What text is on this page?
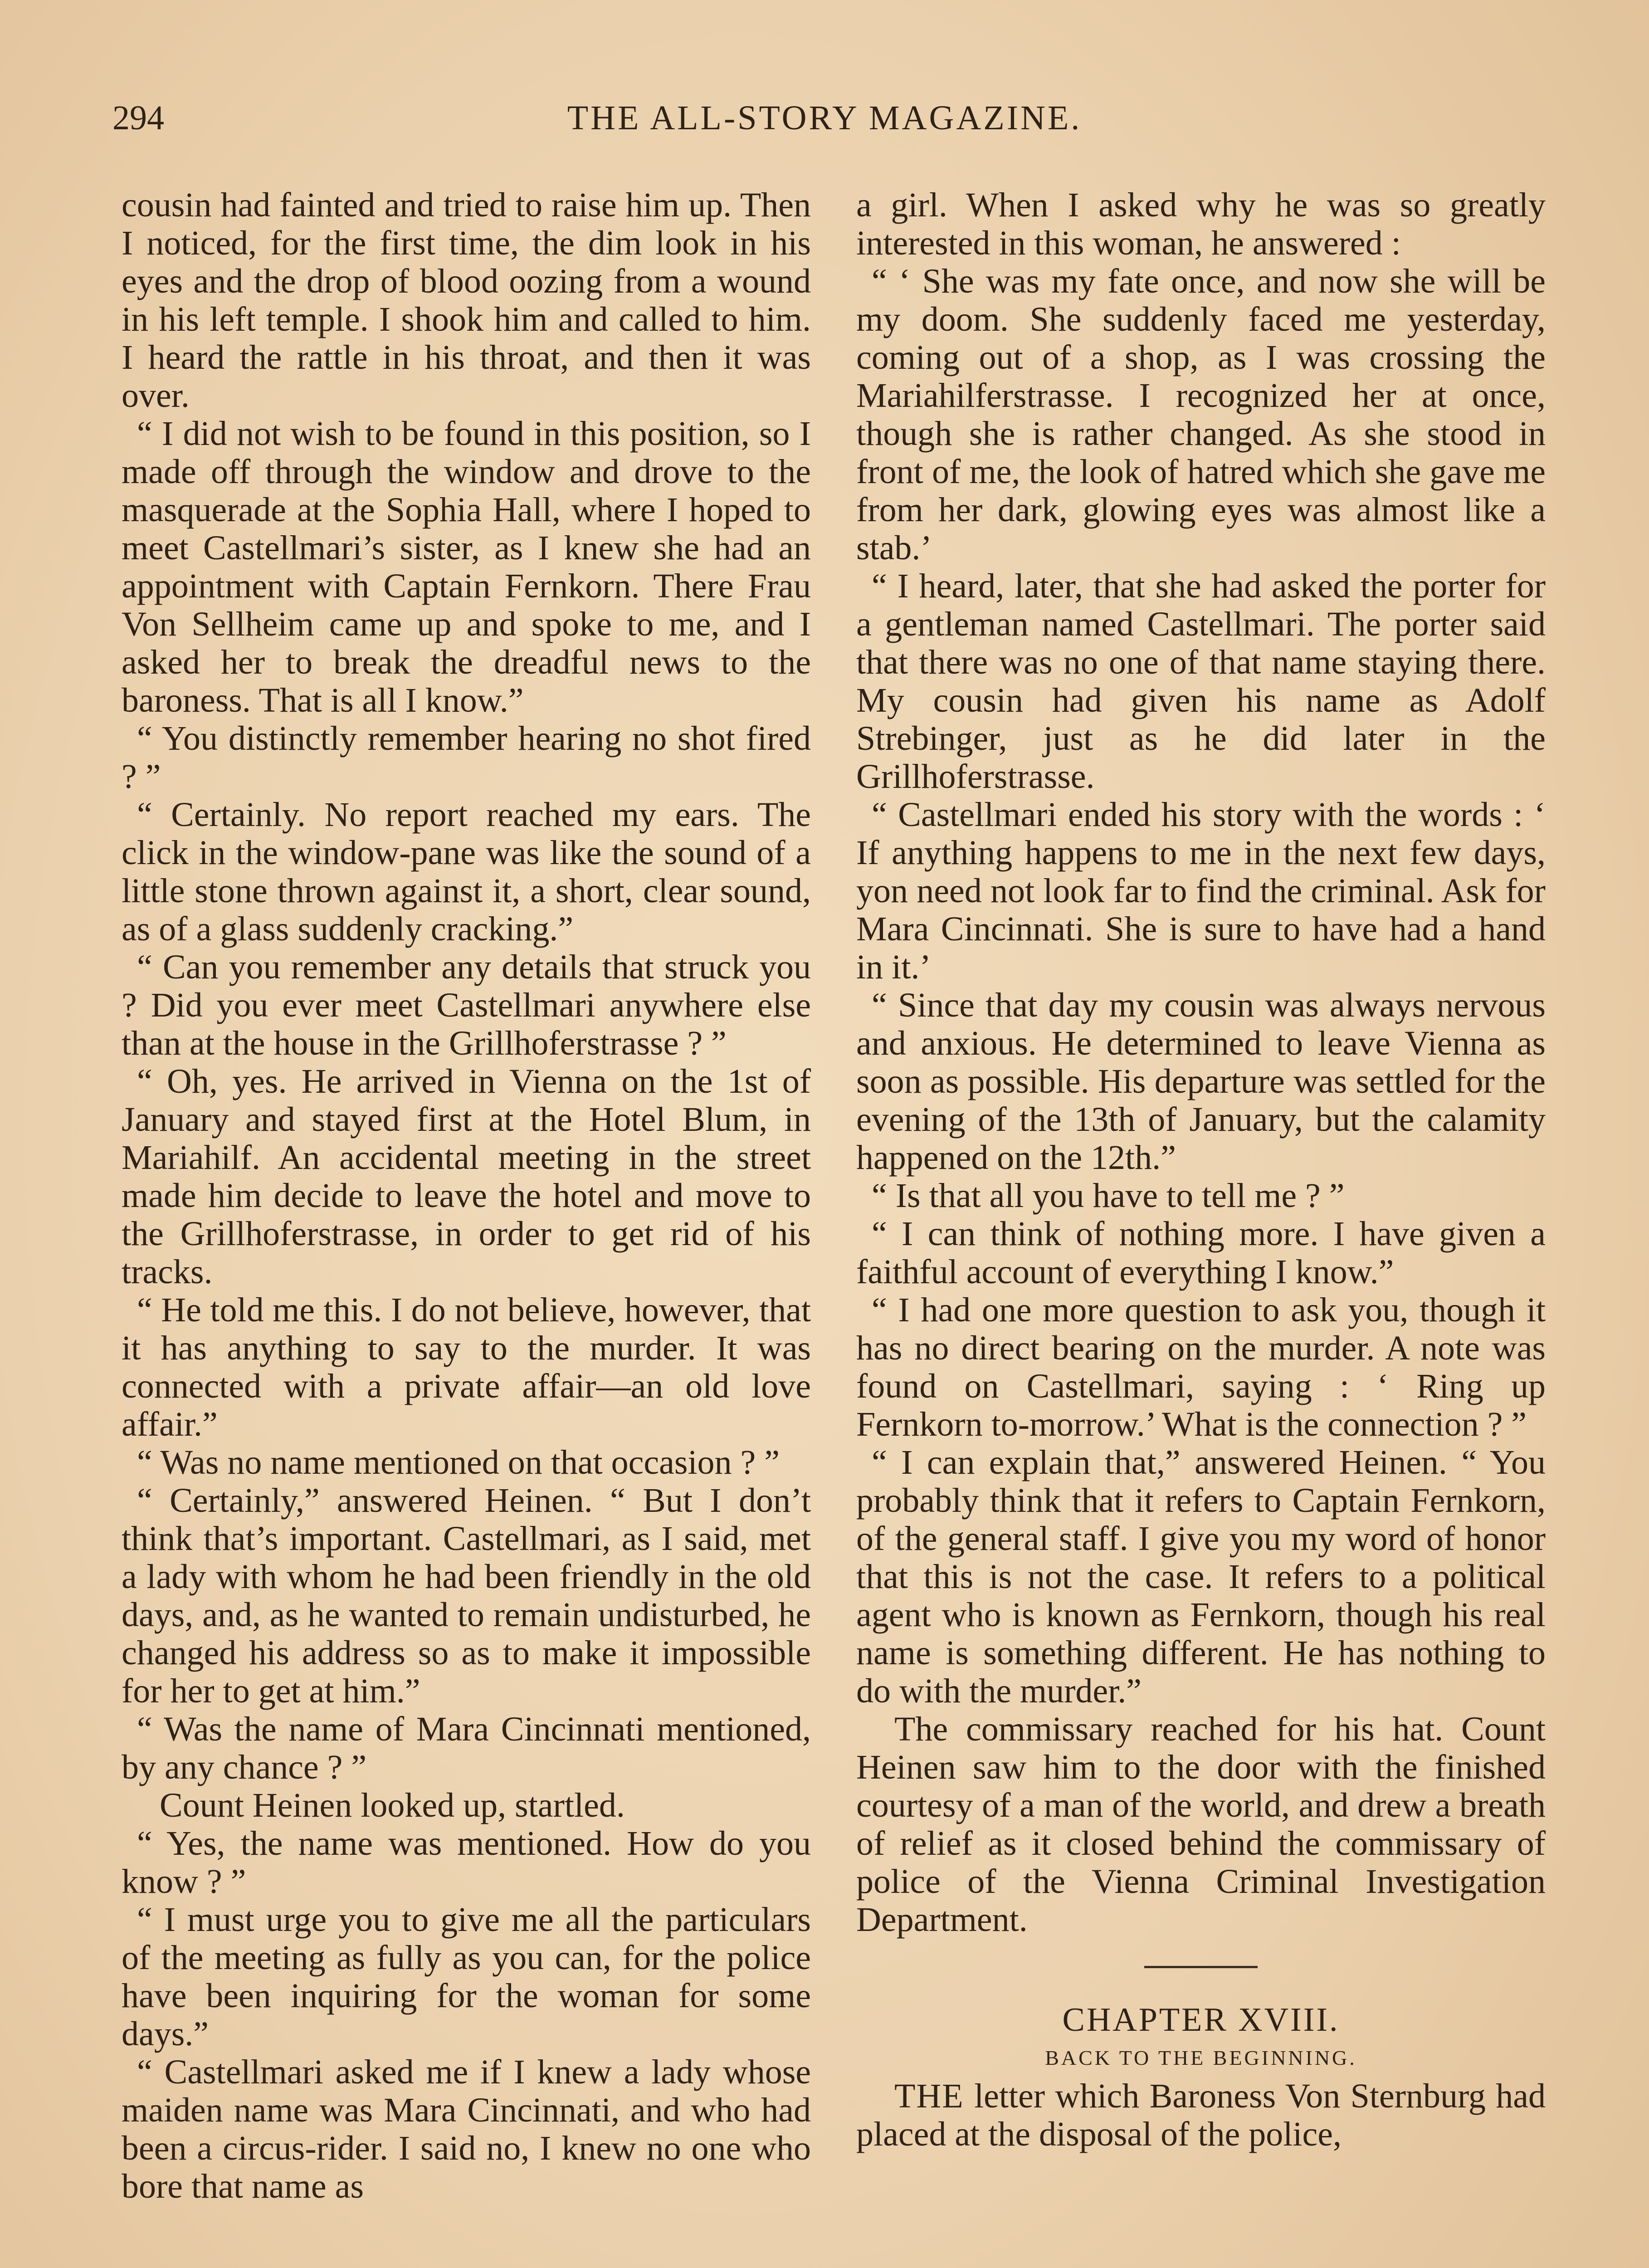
294	THE ALL-STORY MAGAZINE.

cousin had fainted and tried to raise him up. Then I noticed, for the first time, the dim look in his eyes and the drop of blood oozing from a wound in his left temple. I shook him and called to him. I heard the rattle in his throat, and then it was over.

“ I did not wish to be found in this position, so I made off through the window and drove to the masquerade at the Sophia Hall, where I hoped to meet Castellmari’s sister, as I knew she had an appointment with Captain Fernkorn. There Frau Von Sellheim came up and spoke to me, and I asked her to break the dreadful news to the baroness. That is all I know.”

“ You distinctly remember hearing no shot fired ? ”

“ Certainly. No report reached my ears. The click in the window-pane was like the sound of a little stone thrown against it, a short, clear sound, as of a glass suddenly cracking.”

“ Can you remember any details that struck you ? Did you ever meet Castellmari anywhere else than at the house in the Grillhoferstrasse ? ”

“ Oh, yes. He arrived in Vienna on the 1st of January and stayed first at the Hotel Blum, in Mariahilf. An accidental meeting in the street made him decide to leave the hotel and move to the Grillhoferstrasse, in order to get rid of his tracks.

“ He told me this. I do not believe, however, that it has anything to say to the murder. It was connected with a private affair—an old love affair.”

“ Was no name mentioned on that occasion ? ”

“ Certainly,” answered Heinen. “ But I don’t think that’s important. Castellmari, as I said, met a lady with whom he had been friendly in the old days, and, as he wanted to remain undisturbed, he changed his address so as to make it impossible for her to get at him.”

“ Was the name of Mara Cincinnati mentioned, by any chance ? ”

Count Heinen looked up, startled.

“ Yes, the name was mentioned. How do you know ? ”

“ I must urge you to give me all the particulars of the meeting as fully as you can, for the police have been inquiring for the woman for some days.”

“ Castellmari asked me if I knew a lady whose maiden name was Mara Cincinnati, and who had been a circus-rider. I said no, I knew no one who bore that name as

a girl. When I asked why he was so greatly interested in this woman, he answered :

“ ‘ She was my fate once, and now she will be my doom. She suddenly faced me yesterday, coming out of a shop, as I was crossing the Mariahilferstrasse. I recognized her at once, though she is rather changed. As she stood in front of me, the look of hatred which she gave me from her dark, glowing eyes was almost like a stab.’

“ I heard, later, that she had asked the porter for a gentleman named Castellmari. The porter said that there was no one of that name staying there. My cousin had given his name as Adolf Strebinger, just as he did later in the Grillhoferstrasse.

“ Castellmari ended his story with the words : ‘ If anything happens to me in the next few days, yon need not look far to find the criminal. Ask for Mara Cincinnati. She is sure to have had a hand in it.’

“ Since that day my cousin was always nervous and anxious. He determined to leave Vienna as soon as possible. His departure was settled for the evening of the 13th of January, but the calamity happened on the 12th.”

“ Is that all you have to tell me ? ”

“ I can think of nothing more. I have given a faithful account of everything I know.”

“ I had one more question to ask you, though it has no direct bearing on the murder. A note was found on Castellmari, saying : ‘ Ring up Fernkorn to-morrow.’ What is the connection ? ”

“ I can explain that,” answered Heinen. “ You probably think that it refers to Captain Fernkorn, of the general staff. I give you my word of honor that this is not the case. It refers to a political agent who is known as Fernkorn, though his real name is something different. He has nothing to do with the murder.”

The commissary reached for his hat. Count Heinen saw him to the door with the finished courtesy of a man of the world, and drew a breath of relief as it closed behind the commissary of police of the Vienna Criminal Investigation Department.

CHAPTER XVIII.

BACK TO THE BEGINNING.

THE letter which Baroness Von Sternburg had placed at the disposal of the police,
